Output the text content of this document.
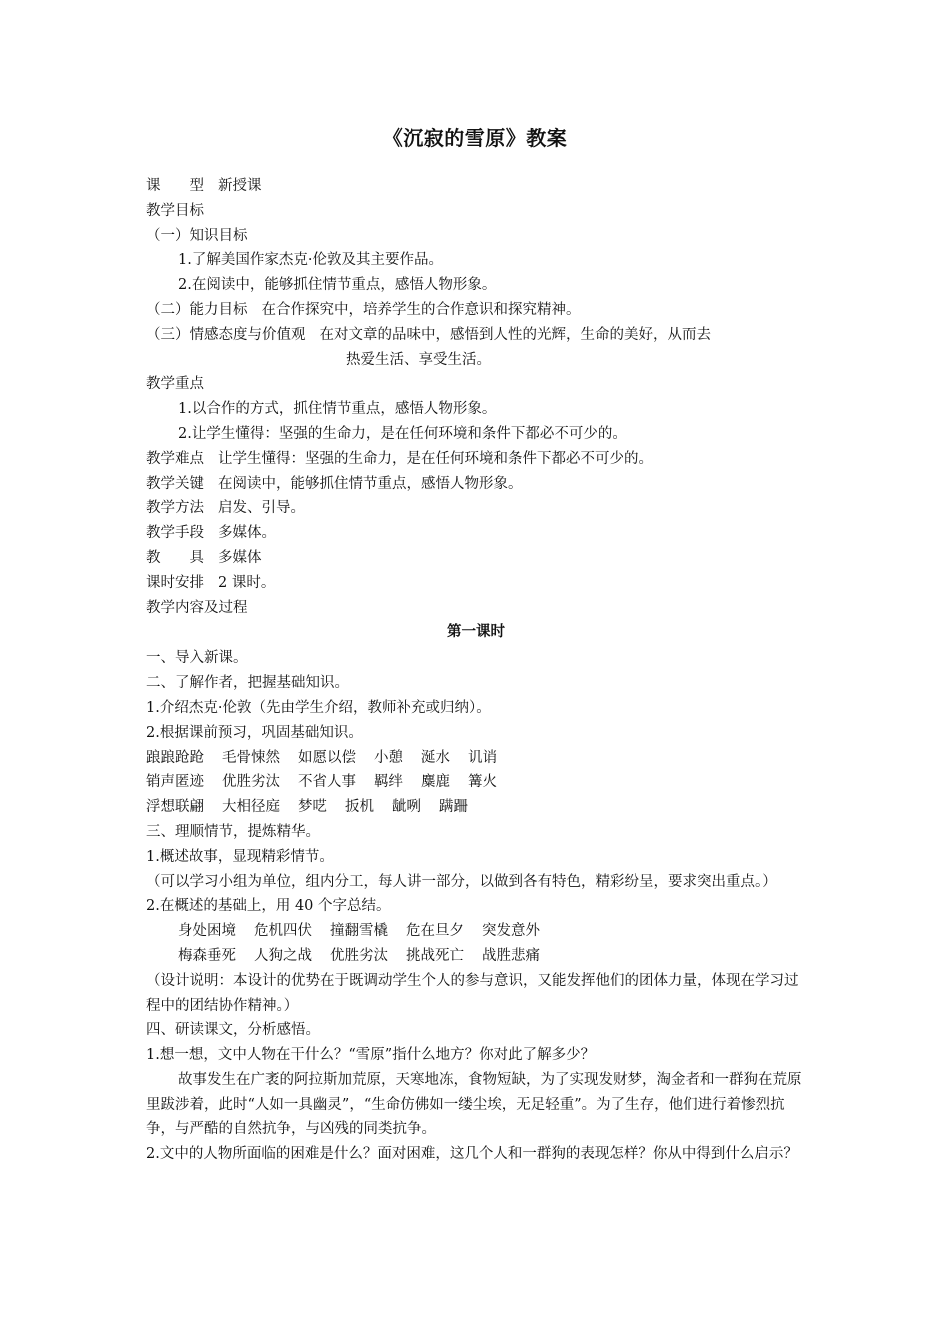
《沉寂的雪原》教案
课　　型 新授课
教学目标
（一）知识目标
1.了解美国作家杰克·伦敦及其主要作品。
2.在阅读中，能够抓住情节重点，感悟人物形象。
（二）能力目标 在合作探究中，培养学生的合作意识和探究精神。
（三）情感态度与价值观 在对文章的品味中，感悟到人性的光辉，生命的美好，从而去
热爱生活、享受生活。
教学重点
1.以合作的方式，抓住情节重点，感悟人物形象。
2.让学生懂得：坚强的生命力，是在任何环境和条件下都必不可少的。
教学难点 让学生懂得：坚强的生命力，是在任何环境和条件下都必不可少的。
教学关键 在阅读中，能够抓住情节重点，感悟人物形象。
教学方法 启发、引导。
教学手段 多媒体。
教　　具 多媒体
课时安排 2 课时。
教学内容及过程
第一课时
一、导入新课。
二、了解作者，把握基础知识。
1.介绍杰克·伦敦（先由学生介绍，教师补充或归纳）。
2.根据课前预习，巩固基础知识。
踉踉跄跄 毛骨悚然 如愿以偿 小憩 涎水 讥诮
销声匿迹 优胜劣汰 不省人事 羁绊 麋鹿 篝火
浮想联翩 大相径庭 梦呓 扳机 龇咧 蹒跚
三、理顺情节，提炼精华。
1.概述故事，显现精彩情节。
（可以学习小组为单位，组内分工，每人讲一部分，以做到各有特色，精彩纷呈，要求突出重点。）
2.在概述的基础上，用 40 个字总结。
身处困境 危机四伏 撞翻雪橇 危在旦夕 突发意外
梅森垂死 人狗之战 优胜劣汰 挑战死亡 战胜悲痛
（设计说明：本设计的优势在于既调动学生个人的参与意识，又能发挥他们的团体力量，体现在学习过程中的团结协作精神。）
四、研读课文，分析感悟。
1.想一想，文中人物在干什么？“雪原”指什么地方？你对此了解多少？
故事发生在广袤的阿拉斯加荒原，天寒地冻，食物短缺，为了实现发财梦，淘金者和一群狗在荒原里跋涉着，此时“人如一具幽灵”，“生命仿佛如一缕尘埃，无足轻重”。为了生存，他们进行着惨烈抗争，与严酷的自然抗争，与凶残的同类抗争。
2.文中的人物所面临的困难是什么？面对困难，这几个人和一群狗的表现怎样？你从中得到什么启示？
